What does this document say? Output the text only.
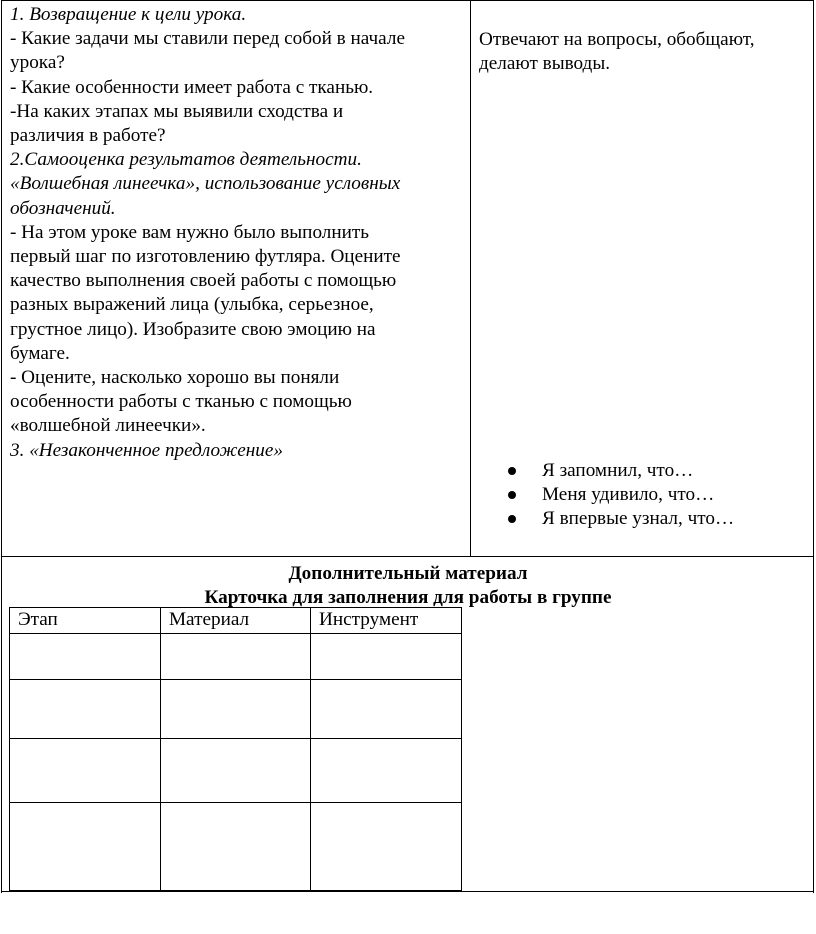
1. Возвращение к цели урока.
- Какие задачи мы ставили перед собой в начале
урока?
- Какие особенности имеет работа с тканью.
-На каких этапах мы выявили сходства и
различия в работе?
2.Самооценка результатов деятельности.
«Волшебная линеечка», использование условных
обозначений.
- На этом уроке вам нужно было выполнить
первый шаг по изготовлению футляра. Оцените
качество выполнения своей работы с помощью
разных выражений лица (улыбка, серьезное,
грустное лицо). Изобразите свою эмоцию на
бумаге.
- Оцените, насколько хорошо вы поняли
особенности работы с тканью с помощью
«волшебной линеечки».
3. «Незаконченное предложение»
Отвечают на вопросы, обобщают,
делают выводы.
Я запомнил, что…
Меня удивило, что…
Я впервые узнал, что…
Дополнительный материал
Карточка для заполнения для работы в группе
Этап	Материал	Инструмент
